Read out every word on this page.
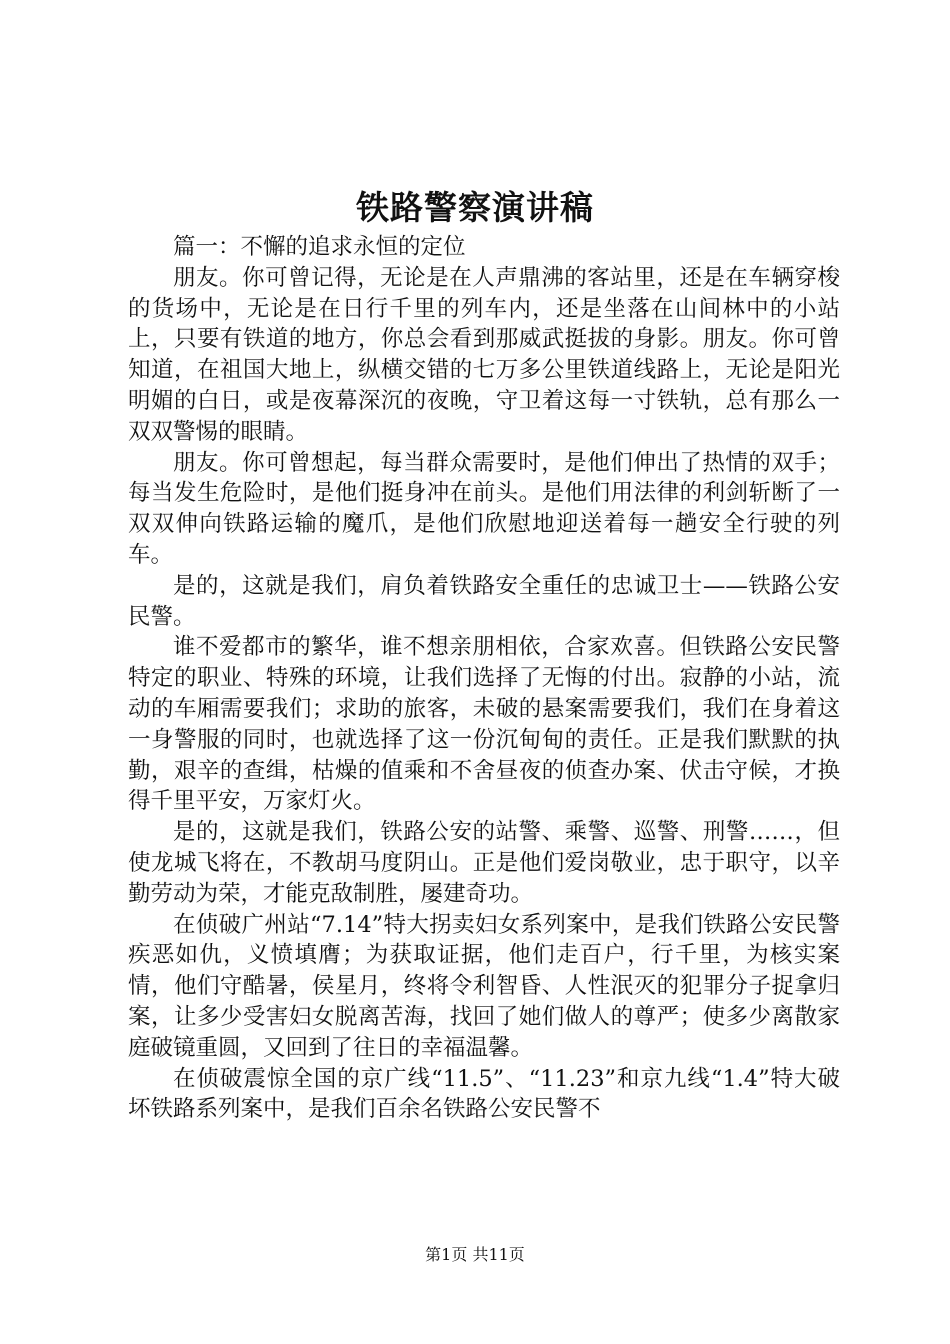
铁路警察演讲稿

篇一：不懈的追求永恒的定位

朋友。你可曾记得，无论是在人声鼎沸的客站里，还是在车辆穿梭的货场中，无论是在日行千里的列车内，还是坐落在山间林中的小站上，只要有铁道的地方，你总会看到那威武挺拔的身影。朋友。你可曾知道，在祖国大地上，纵横交错的七万多公里铁道线路上，无论是阳光明媚的白日，或是夜幕深沉的夜晚，守卫着这每一寸铁轨，总有那么一双双警惕的眼睛。

朋友。你可曾想起，每当群众需要时，是他们伸出了热情的双手；每当发生危险时，是他们挺身冲在前头。是他们用法律的利剑斩断了一双双伸向铁路运输的魔爪，是他们欣慰地迎送着每一趟安全行驶的列车。

是的，这就是我们，肩负着铁路安全重任的忠诚卫士——铁路公安民警。

谁不爱都市的繁华，谁不想亲朋相依，合家欢喜。但铁路公安民警特定的职业、特殊的环境，让我们选择了无悔的付出。寂静的小站，流动的车厢需要我们；求助的旅客，未破的悬案需要我们，我们在身着这一身警服的同时，也就选择了这一份沉甸甸的责任。正是我们默默的执勤，艰辛的查缉，枯燥的值乘和不舍昼夜的侦查办案、伏击守候，才换得千里平安，万家灯火。

是的，这就是我们，铁路公安的站警、乘警、巡警、刑警……，但使龙城飞将在，不教胡马度阴山。正是他们爱岗敬业，忠于职守，以辛勤劳动为荣，才能克敌制胜，屡建奇功。

在侦破广州站“7.14”特大拐卖妇女系列案中，是我们铁路公安民警疾恶如仇，义愤填膺；为获取证据，他们走百户，行千里，为核实案情，他们守酷暑，侯星月，终将令利智昏、人性泯灭的犯罪分子捉拿归案，让多少受害妇女脱离苦海，找回了她们做人的尊严；使多少离散家庭破镜重圆，又回到了往日的幸福温馨。

在侦破震惊全国的京广线“11.5”、“11.23”和京九线“1.4”特大破坏铁路系列案中，是我们百余名铁路公安民警不

第1页 共11页
